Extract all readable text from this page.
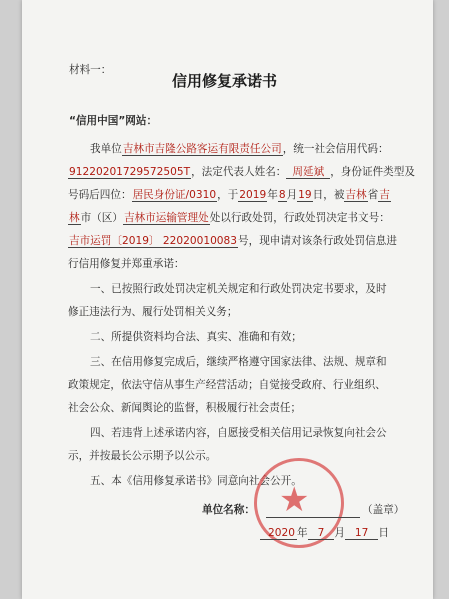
材料一：
信用修复承诺书
“信用中国”网站：
我单位吉林市吉隆公路客运有限责任公司，统一社会信用代码：
91220201729572505T，法定代表人姓名： 周延斌 ，身份证件类型及
号码后四位：居民身份证/0310，于2019年8月19日，被吉林省吉
林市（区）吉林市运输管理处处以行政处罚，行政处罚决定书文号：
吉市运罚〔2019〕 22020010083号，现申请对该条行政处罚信息进
行信用修复并郑重承诺：
一、已按照行政处罚决定机关规定和行政处罚决定书要求，及时
修正违法行为、履行处罚相关义务；
二、所提供资料均合法、真实、准确和有效；
三、在信用修复完成后，继续严格遵守国家法律、法规、规章和
政策规定，依法守信从事生产经营活动；自觉接受政府、行业组织、
社会公众、新闻舆论的监督，积极履行社会责任；
四、若违背上述承诺内容，自愿接受相关信用记录恢复向社会公
示，并按最长公示期予以公示。
五、本《信用修复承诺书》同意向社会公开。
★
单位名称：	（盖章）
2020 年 7 月 17 日
